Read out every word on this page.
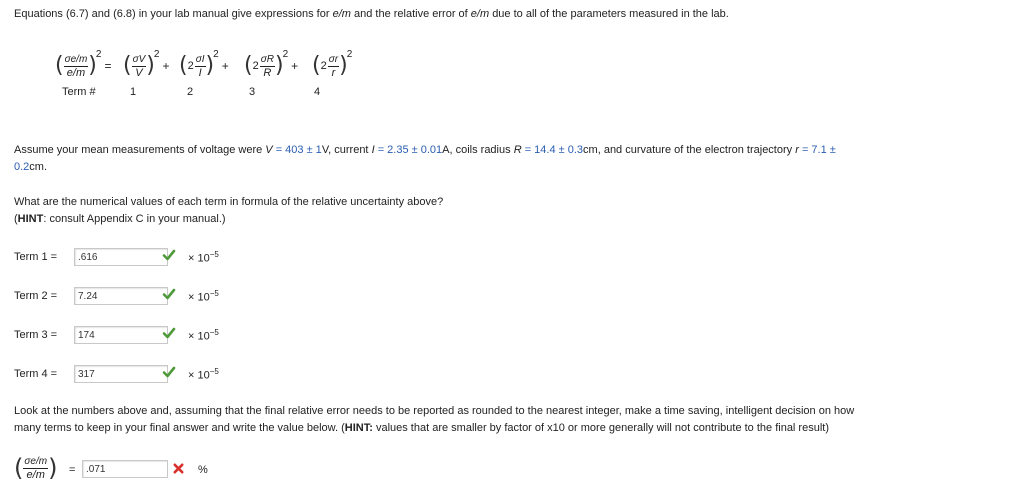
Equations (6.7) and (6.8) in your lab manual give expressions for e/m and the relative error of e/m due to all of the parameters measured in the lab.
( $\frac{\sigma e/m}{e/m} )2=$ ( $\frac{\sigma V}{V} )2+ (2 \frac{\sigma I}{I} )2+ (2 \frac{\sigma R}{R} )2+ (2 \frac{\sigma r}{r} )2$
Term #	1	2	3	4
Assume your mean measurements of voltage were V = 403 ± 1V, current I = 2.35 ± 0.01A, coils radius R = 14.4 ± 0.3cm, and curvature of the electron trajectory r = 7.1 ±
0.2cm.
What are the numerical values of each term in formula of the relative uncertainty above?
(HINT: consult Appendix C in your manual.)
Term 1 =
.616	× $10^{-5}$
Term 2 =
7.24	× $10^{-5}$
Term 3 =
174	× $10^{-5}$
Term 4 =
317	× $10^{-5}$
Look at the numbers above and, assuming that the final relative error needs to be reported as rounded to the nearest integer, make a time saving, intelligent decision on how
many terms to keep in your final answer and write the value below. (HINT: values that are smaller by factor of x10 or more generally will not contribute to the final result)
( $\frac{\sigma e/m}{e/m}$ ) =
.071	%
